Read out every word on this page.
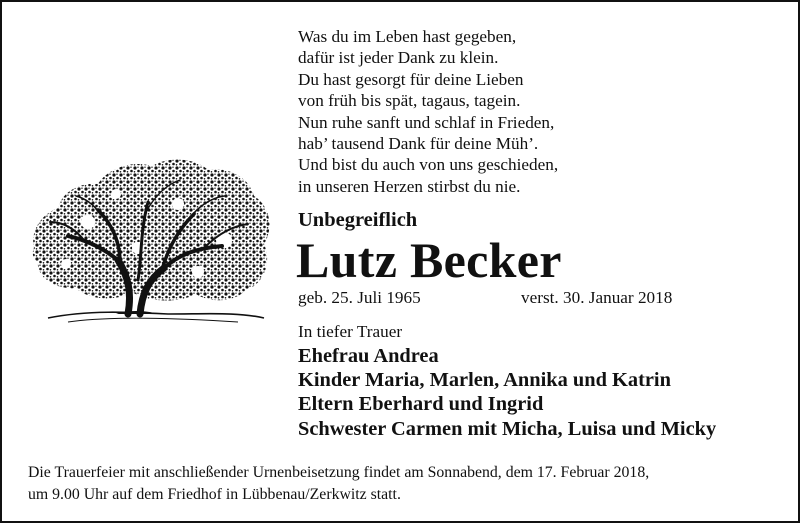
Was du im Leben hast gegeben,
dafür ist jeder Dank zu klein.
Du hast gesorgt für deine Lieben
von früh bis spät, tagaus, tagein.
Nun ruhe sanft und schlaf in Frieden,
hab’ tausend Dank für deine Müh’.
Und bist du auch von uns geschieden,
in unseren Herzen stirbst du nie.
Unbegreiflich
Lutz Becker
geb. 25. Juli 1965	verst. 30. Januar 2018
In tiefer Trauer
Ehefrau Andrea
Kinder Maria, Marlen, Annika und Katrin
Eltern Eberhard und Ingrid
Schwester Carmen mit Micha, Luisa und Micky
Die Trauerfeier mit anschließender Urnenbeisetzung findet am Sonnabend, dem 17. Februar 2018,
um 9.00 Uhr auf dem Friedhof in Lübbenau/Zerkwitz statt.
